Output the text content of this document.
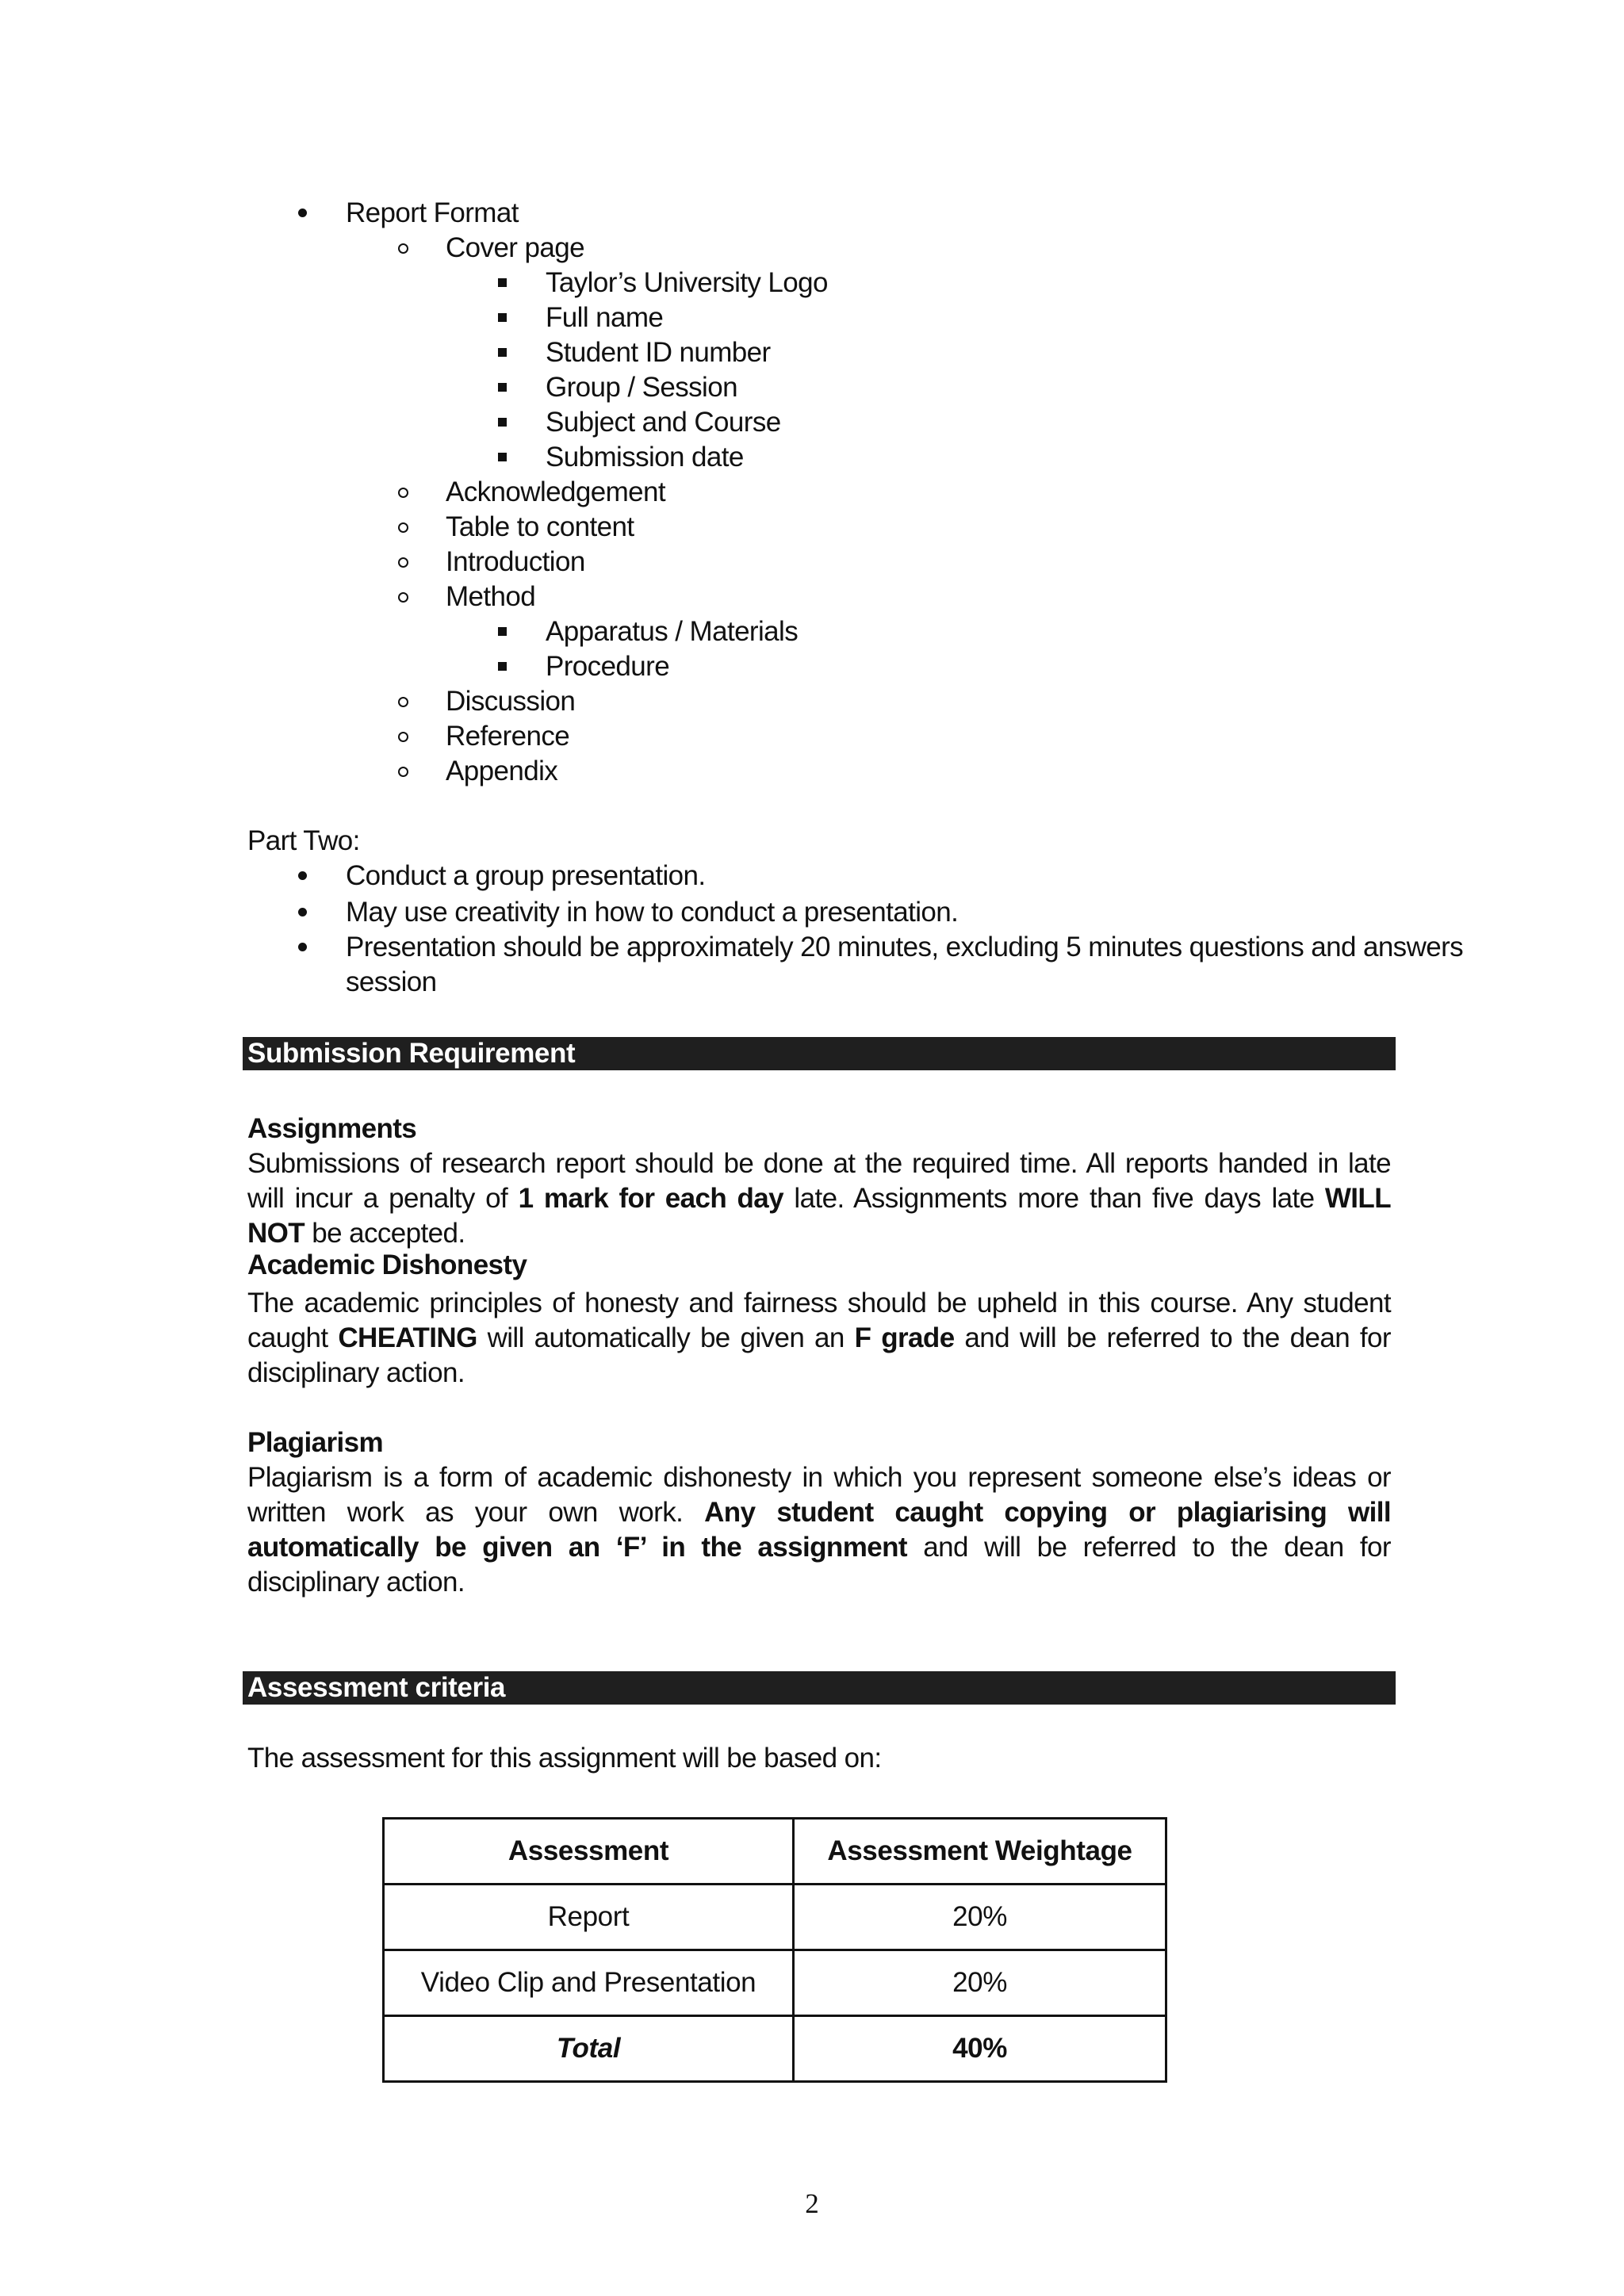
Report Format
Cover page
Taylor’s University Logo
Full name
Student ID number
Group / Session
Subject and Course
Submission date
Acknowledgement
Table to content
Introduction
Method
Apparatus / Materials
Procedure
Discussion
Reference
Appendix
Part Two:
Conduct a group presentation.
May use creativity in how to conduct a presentation.
Presentation should be approximately 20 minutes, excluding 5 minutes questions and answers
session
Submission Requirement
Assignments
Submissions of research report should be done at the required time. All reports handed in late will incur a penalty of 1 mark for each day late. Assignments more than five days late WILL NOT be accepted.
Academic Dishonesty
The academic principles of honesty and fairness should be upheld in this course. Any student caught CHEATING will automatically be given an F grade and will be referred to the dean for disciplinary action.
Plagiarism
Plagiarism is a form of academic dishonesty in which you represent someone else’s ideas or written work as your own work. Any student caught copying or plagiarising will automatically be given an ‘F’ in the assignment and will be referred to the dean for disciplinary action.
Assessment criteria
The assessment for this assignment will be based on:
Assessment	Assessment Weightage
Report	20%
Video Clip and Presentation	20%
Total	40%
2
